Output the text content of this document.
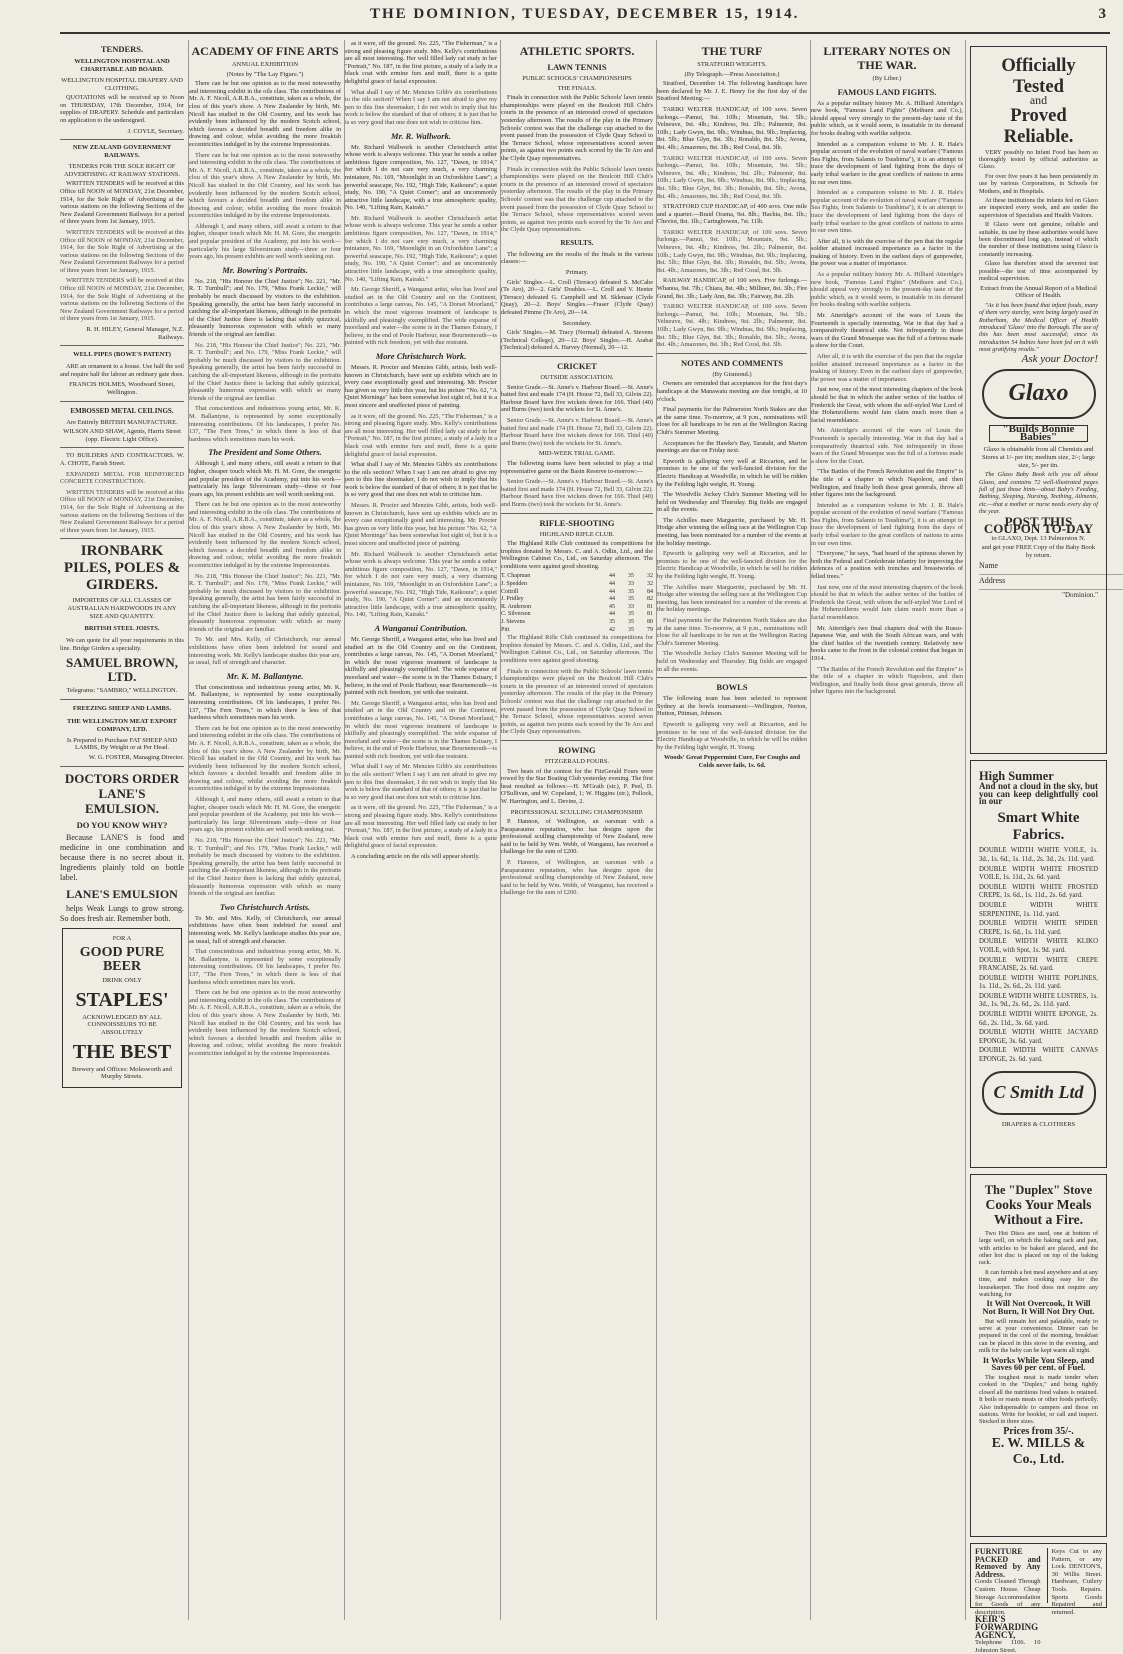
THE DOMINION, TUESDAY, DECEMBER 15, 1914.	3
TENDERS.
WELLINGTON HOSPITAL AND CHARITABLE AID BOARD.
WELLINGTON HOSPITAL DRAPERY AND CLOTHING.

QUOTATIONS will be received up to Noon on THURSDAY, 17th December, 1914, for supplies of DRAPERY. Schedule and particulars on application to the undersigned.

J. COYLE, Secretary.
NEW ZEALAND GOVERNMENT RAILWAYS.
TENDERS FOR THE SOLE RIGHT OF ADVERTISING AT RAILWAY STATIONS.

WRITTEN TENDERS will be received at this Office till NOON of MONDAY, 21st December, 1914, for the Sole Right of Advertising at the various stations on the following Sections of the New Zealand Government Railways for a period of three years from 1st January, 1915.

WRITTEN TENDERS will be received at this Office till NOON of MONDAY, 21st December, 1914, for the Sole Right of Advertising at the various stations on the following Sections of the New Zealand Government Railways for a period of three years from 1st January, 1915.

WRITTEN TENDERS will be received at this Office till NOON of MONDAY, 21st December, 1914, for the Sole Right of Advertising at the various stations on the following Sections of the New Zealand Government Railways for a period of three years from 1st January, 1915.

R. H. HILEY, General Manager, N.Z. Railways.
WELL PIPES (BOWE'S PATENT)

ARE an ornament to a house. Use half the soil and require half the labour an ordinary gate does.

FRANCIS HOLMES, Woodward Street, Wellington.
EMBOSSED METAL CEILINGS.
Are Entirely BRITISH MANUFACTURE.
WILSON AND SHAW, Agents, Harris Street (opp. Electric Light Office).

TO BUILDERS AND CONTRACTORS. W. A. CHOTE, Farish Street.

EXPANDED METAL FOR REINFORCED CONCRETE CONSTRUCTION.

WRITTEN TENDERS will be received at this Office till NOON of MONDAY, 21st December, 1914, for the Sole Right of Advertising at the various stations on the following Sections of the New Zealand Government Railways for a period of three years from 1st January, 1915.

IRONBARK PILES, POLES & GIRDERS.
IMPORTERS OF ALL CLASSES OF AUSTRALIAN HARDWOODS IN ANY SIZE AND QUANTITY.
BRITISH STEEL JOISTS.

We can quote for all your requirements in this line. Bridge Girders a speciality.

SAMUEL BROWN, LTD.
Telegrams: "SAMBRO," WELLINGTON.
FREEZING SHEEP AND LAMBS.
THE WELLINGTON MEAT EXPORT COMPANY, LTD.
Is Prepared to Purchase FAT SHEEP AND LAMBS, By Weight or at Per Head.
W. G. FOSTER, Managing Director.
DOCTORS ORDER LANE'S EMULSION.
DO YOU KNOW WHY?

Because LANE'S is food and medicine in one combination and because there is no secret about it. Ingredients plainly told on bottle label.

LANE'S EMULSION

helps Weak Lungs to grow strong. So does fresh air. Remember both.

FOR A
GOOD PURE BEER
DRINK ONLY
STAPLES'
ACKNOWLEDGED BY ALL CONNOISSEURS TO BE ABSOLUTELY
THE BEST
Brewery and Offices: Molesworth and Murphy Streets.
ACADEMY OF FINE ARTS
ANNUAL EXHIBITION
(Notes by "The Lay Figure.")

There can be but one opinion as to the most noteworthy and interesting exhibit in the oils class. The contributions of Mr. A. F. Nicoll, A.R.B.A., constitute, taken as a whole, the clou of this year's show. A New Zealander by birth, Mr. Nicoll has studied in the Old Country, and his work has evidently been influenced by the modern Scotch school, which favours a decided breadth and freedom alike in drawing and colour, whilst avoiding the more freakish eccentricities indulged in by the extreme Impressionists.

There can be but one opinion as to the most noteworthy and interesting exhibit in the oils class. The contributions of Mr. A. F. Nicoll, A.R.B.A., constitute, taken as a whole, the clou of this year's show. A New Zealander by birth, Mr. Nicoll has studied in the Old Country, and his work has evidently been influenced by the modern Scotch school, which favours a decided breadth and freedom alike in drawing and colour, whilst avoiding the more freakish eccentricities indulged in by the extreme Impressionists.

Although I, and many others, still await a return to that higher, cheaper touch which Mr. H. M. Gore, the energetic and popular president of the Academy, put into his work—particularly his large Silverstream study—three or four years ago, his present exhibits are well worth seeking out.

Mr. Bowring's Portraits.

No. 218, "His Honour the Chief Justice"; No. 221, "Mr. R. T. Turnbull"; and No. 179, "Miss Frank Leckie," will probably be much discussed by visitors to the exhibition. Speaking generally, the artist has been fairly successful in catching the all-important likeness, although in the portraits of the Chief Justice there is lacking that subtly quizzical, pleasantly humorous expression with which so many friends of the original are familiar.

No. 218, "His Honour the Chief Justice"; No. 221, "Mr. R. T. Turnbull"; and No. 179, "Miss Frank Leckie," will probably be much discussed by visitors to the exhibition. Speaking generally, the artist has been fairly successful in catching the all-important likeness, although in the portraits of the Chief Justice there is lacking that subtly quizzical, pleasantly humorous expression with which so many friends of the original are familiar.

That conscientious and industrious young artist, Mr. K. M. Ballantyne, is represented by some exceptionally interesting contributions. Of his landscapes, I prefer No. 137, "The Fern Trees," in which there is less of that hardness which sometimes mars his work.

The President and Some Others.

Although I, and many others, still await a return to that higher, cheaper touch which Mr. H. M. Gore, the energetic and popular president of the Academy, put into his work—particularly his large Silverstream study—three or four years ago, his present exhibits are well worth seeking out.

There can be but one opinion as to the most noteworthy and interesting exhibit in the oils class. The contributions of Mr. A. F. Nicoll, A.R.B.A., constitute, taken as a whole, the clou of this year's show. A New Zealander by birth, Mr. Nicoll has studied in the Old Country, and his work has evidently been influenced by the modern Scotch school, which favours a decided breadth and freedom alike in drawing and colour, whilst avoiding the more freakish eccentricities indulged in by the extreme Impressionists.

No. 218, "His Honour the Chief Justice"; No. 221, "Mr. R. T. Turnbull"; and No. 179, "Miss Frank Leckie," will probably be much discussed by visitors to the exhibition. Speaking generally, the artist has been fairly successful in catching the all-important likeness, although in the portraits of the Chief Justice there is lacking that subtly quizzical, pleasantly humorous expression with which so many friends of the original are familiar.

To Mr. and Mrs. Kelly, of Christchurch, our annual exhibitions have often been indebted for sound and interesting work. Mr. Kelly's landscape studies this year are, as usual, full of strength and character.

Mr. K. M. Ballantyne.

That conscientious and industrious young artist, Mr. K. M. Ballantyne, is represented by some exceptionally interesting contributions. Of his landscapes, I prefer No. 137, "The Fern Trees," in which there is less of that hardness which sometimes mars his work.

There can be but one opinion as to the most noteworthy and interesting exhibit in the oils class. The contributions of Mr. A. F. Nicoll, A.R.B.A., constitute, taken as a whole, the clou of this year's show. A New Zealander by birth, Mr. Nicoll has studied in the Old Country, and his work has evidently been influenced by the modern Scotch school, which favours a decided breadth and freedom alike in drawing and colour, whilst avoiding the more freakish eccentricities indulged in by the extreme Impressionists.

Although I, and many others, still await a return to that higher, cheaper touch which Mr. H. M. Gore, the energetic and popular president of the Academy, put into his work—particularly his large Silverstream study—three or four years ago, his present exhibits are well worth seeking out.

No. 218, "His Honour the Chief Justice"; No. 221, "Mr. R. T. Turnbull"; and No. 179, "Miss Frank Leckie," will probably be much discussed by visitors to the exhibition. Speaking generally, the artist has been fairly successful in catching the all-important likeness, although in the portraits of the Chief Justice there is lacking that subtly quizzical, pleasantly humorous expression with which so many friends of the original are familiar.

Two Christchurch Artists.

To Mr. and Mrs. Kelly, of Christchurch, our annual exhibitions have often been indebted for sound and interesting work. Mr. Kelly's landscape studies this year are, as usual, full of strength and character.

That conscientious and industrious young artist, Mr. K. M. Ballantyne, is represented by some exceptionally interesting contributions. Of his landscapes, I prefer No. 137, "The Fern Trees," in which there is less of that hardness which sometimes mars his work.

There can be but one opinion as to the most noteworthy and interesting exhibit in the oils class. The contributions of Mr. A. F. Nicoll, A.R.B.A., constitute, taken as a whole, the clou of this year's show. A New Zealander by birth, Mr. Nicoll has studied in the Old Country, and his work has evidently been influenced by the modern Scotch school, which favours a decided breadth and freedom alike in drawing and colour, whilst avoiding the more freakish eccentricities indulged in by the extreme Impressionists.

as it were, off the ground. No. 225, "The Fisherman," is a strong and pleasing figure study. Mrs. Kelly's contributions are all most interesting. Her well filled lady cat study in her "Portrait," No. 187, in the first picture, a study of a lady in a black coat with ermine furs and muff, there is a quite delightful grace of facial expression.

What shall I say of Mr. Menzies Gibb's six contributions to the oils section? When I say I am not afraid to give my pen to this fine shoemaker, I do not wish to imply that his work is below the standard of that of others; it is just that he is so very good that one does not wish to criticise him.

Mr. R. Wallwork.

Mr. Richard Wallwork is another Christchurch artist whose work is always welcome. This year he sends a rather ambitious figure composition, No. 127, "Dawn, in 1914," for which I do not care very much, a very charming miniature, No. 169, "Moonlight in an Oxfordshire Lane"; a powerful seascape, No. 192, "High Tide, Kaikoura"; a quiet study, No. 190, "A Quiet Corner"; and an uncommonly attractive little landscape, with a true atmospheric quality, No. 140, "Lifting Rain, Kairaki."

Mr. Richard Wallwork is another Christchurch artist whose work is always welcome. This year he sends a rather ambitious figure composition, No. 127, "Dawn, in 1914," for which I do not care very much, a very charming miniature, No. 169, "Moonlight in an Oxfordshire Lane"; a powerful seascape, No. 192, "High Tide, Kaikoura"; a quiet study, No. 190, "A Quiet Corner"; and an uncommonly attractive little landscape, with a true atmospheric quality, No. 140, "Lifting Rain, Kairaki."

Mr. George Sheriff, a Wanganui artist, who has lived and studied art in the Old Country and on the Continent, contributes a large canvas, No. 145, "A Dorset Moorland," in which the most vigorous treatment of landscape is skilfully and pleasingly exemplified. The wide expanse of moorland and water—the scene is in the Thames Estuary, I believe, in the end of Poole Harbour, near Bournemouth—is painted with rich freedom, yet with due restraint.

More Christchurch Work.

Messrs. R. Procter and Menzies Gibb, artists, both well-known in Christchurch, have sent up exhibits which are in every case exceptionally good and interesting. Mr. Procter has given us very little this year, but his picture "No. 62, "A Quiet Mornings" has been somewhat lost sight of, but it is a most sincere and unaffected piece of painting.

as it were, off the ground. No. 225, "The Fisherman," is a strong and pleasing figure study. Mrs. Kelly's contributions are all most interesting. Her well filled lady cat study in her "Portrait," No. 187, in the first picture, a study of a lady in a black coat with ermine furs and muff, there is a quite delightful grace of facial expression.

What shall I say of Mr. Menzies Gibb's six contributions to the oils section? When I say I am not afraid to give my pen to this fine shoemaker, I do not wish to imply that his work is below the standard of that of others; it is just that he is so very good that one does not wish to criticise him.

Messrs. R. Procter and Menzies Gibb, artists, both well-known in Christchurch, have sent up exhibits which are in every case exceptionally good and interesting. Mr. Procter has given us very little this year, but his picture "No. 62, "A Quiet Mornings" has been somewhat lost sight of, but it is a most sincere and unaffected piece of painting.

Mr. Richard Wallwork is another Christchurch artist whose work is always welcome. This year he sends a rather ambitious figure composition, No. 127, "Dawn, in 1914," for which I do not care very much, a very charming miniature, No. 169, "Moonlight in an Oxfordshire Lane"; a powerful seascape, No. 192, "High Tide, Kaikoura"; a quiet study, No. 190, "A Quiet Corner"; and an uncommonly attractive little landscape, with a true atmospheric quality, No. 140, "Lifting Rain, Kairaki."

A Wanganui Contribution.

Mr. George Sheriff, a Wanganui artist, who has lived and studied art in the Old Country and on the Continent, contributes a large canvas, No. 145, "A Dorset Moorland," in which the most vigorous treatment of landscape is skilfully and pleasingly exemplified. The wide expanse of moorland and water—the scene is in the Thames Estuary, I believe, in the end of Poole Harbour, near Bournemouth—is painted with rich freedom, yet with due restraint.

Mr. George Sheriff, a Wanganui artist, who has lived and studied art in the Old Country and on the Continent, contributes a large canvas, No. 145, "A Dorset Moorland," in which the most vigorous treatment of landscape is skilfully and pleasingly exemplified. The wide expanse of moorland and water—the scene is in the Thames Estuary, I believe, in the end of Poole Harbour, near Bournemouth—is painted with rich freedom, yet with due restraint.

What shall I say of Mr. Menzies Gibb's six contributions to the oils section? When I say I am not afraid to give my pen to this fine shoemaker, I do not wish to imply that his work is below the standard of that of others; it is just that he is so very good that one does not wish to criticise him.

as it were, off the ground. No. 225, "The Fisherman," is a strong and pleasing figure study. Mrs. Kelly's contributions are all most interesting. Her well filled lady cat study in her "Portrait," No. 187, in the first picture, a study of a lady in a black coat with ermine furs and muff, there is a quite delightful grace of facial expression.

A concluding article on the oils will appear shortly.

ATHLETIC SPORTS.
LAWN TENNIS
PUBLIC SCHOOLS' CHAMPIONSHIPS
THE FINALS.

Finals in connection with the Public Schools' lawn tennis championships were played on the Boulcott Hill Club's courts in the presence of an interested crowd of spectators yesterday afternoon. The results of the play in the Primary Schools' contest was that the challenge cup attached to the event passed from the possession of Clyde Quay School to the Terrace School, whose representatives scored seven points, as against two points each scored by the Te Aro and the Clyde Quay representatives.

Finals in connection with the Public Schools' lawn tennis championships were played on the Boulcott Hill Club's courts in the presence of an interested crowd of spectators yesterday afternoon. The results of the play in the Primary Schools' contest was that the challenge cup attached to the event passed from the possession of Clyde Quay School to the Terrace School, whose representatives scored seven points, as against two points each scored by the Te Aro and the Clyde Quay representatives.

RESULTS.

The following are the results of the finals in the various classes:—

Primary.

Girls' Singles.—L. Croll (Terrace) defeated S. McCabe (Te Aro), 20—2. Girls' Doubles.—L. Croll and V. Heeter (Terrace) defeated G. Campbell and M. Sklenaar (Clyde Quay), 20—2. Boys' Singles.—Fraser (Clyde Quay) defeated Pimme (Te Aro), 20—14.

Secondary.

Girls' Singles.—M. Tracy (Normal) defeated A. Stevens (Technical College), 20—12. Boys' Singles.—H. Arabat (Technical) defeated A. Harvey (Normal), 20—12.

CRICKET
OUTSIDE ASSOCIATION.

Senior Grade.—St. Anne's v. Harbour Board.—St. Anne's batted first and made 174 (H. House 72, Bell 33, Gilvin 22). Harbour Board have five wickets down for 166. Thiel (40) and Burns (two) took the wickets for St. Anne's.

Senior Grade.—St. Anne's v. Harbour Board.—St. Anne's batted first and made 174 (H. House 72, Bell 33, Gilvin 22). Harbour Board have five wickets down for 166. Thiel (40) and Burns (two) took the wickets for St. Anne's.

MID-WEEK TRIAL GAME.

The following teams have been selected to play a trial representative game on the Basin Reserve to-morrow:—

Senior Grade.—St. Anne's v. Harbour Board.—St. Anne's batted first and made 174 (H. House 72, Bell 33, Gilvin 22). Harbour Board have five wickets down for 166. Thiel (40) and Burns (two) took the wickets for St. Anne's.

RIFLE-SHOOTING
HIGHLAND RIFLE CLUB.

The Highland Rifle Club continued its competitions for trophies donated by Messrs. C. and A. Odlin, Ltd., and the Wellington Cabinet Co., Ltd., on Saturday afternoon. The conditions were against good shooting.

T. Chapman	44	35	32
J. Spedden	44	33	32
Cottrill	44	35	84
J. Pridley	44	35	82
R. Anderson	45	33	81
C. Silverson	44	35	81
J. Stevens	35	35	80
Pitt	42	35	79

The Highland Rifle Club continued its competitions for trophies donated by Messrs. C. and A. Odlin, Ltd., and the Wellington Cabinet Co., Ltd., on Saturday afternoon. The conditions were against good shooting.

Finals in connection with the Public Schools' lawn tennis championships were played on the Boulcott Hill Club's courts in the presence of an interested crowd of spectators yesterday afternoon. The results of the play in the Primary Schools' contest was that the challenge cup attached to the event passed from the possession of Clyde Quay School to the Terrace School, whose representatives scored seven points, as against two points each scored by the Te Aro and the Clyde Quay representatives.

ROWING
FITZGERALD FOURS.

Two heats of the contest for the FitzGerald Fours were rowed by the Star Boating Club yesterday evening. The first heat resulted as follows:—H. M'Grath (str.), P. Peel, D. O'Sullivan, and W. Copeland, 1; W. Higgins (str.), Pollock, W. Harrington, and L. Devine, 2.

PROFESSIONAL SCULLING CHAMPIONSHIP.

P. Hannon, of Wellington, an oarsman with a Paraparaumu reputation, who has designs upon the professional sculling championship of New Zealand, now said to be held by Wm. Webb, of Wanganui, has received a challenge for the sum of £200.

P. Hannon, of Wellington, an oarsman with a Paraparaumu reputation, who has designs upon the professional sculling championship of New Zealand, now said to be held by Wm. Webb, of Wanganui, has received a challenge for the sum of £200.

THE TURF
STRATFORD WEIGHTS.
(By Telegraph.—Press Association.)

Stratford, December 14. The following handicaps have been declared by Mr. J. E. Henry for the first day of the Stratford Meeting:—

TARIKI WELTER HANDICAP, of 100 sovs. Seven furlongs.—Pamui, 9st. 10lb.; Mountain, 9st. 5lb.; Velneuve, 9st. 4lb.; Kindress, 9st. 2lb.; Palmemir, 8st. 10lb.; Lady Gwyn, 8st. 9lb.; Windnas, 8st. 9lb.; Implacing, 8st. 5lb.; Blue Glyn, 8st. 3lb.; Ronaldo, 8st. 5lb.; Avona, 8st. 4lb.; Amazones, 8st. 3lb.; Red Coral, 8st. 3lb.

TARIKI WELTER HANDICAP, of 100 sovs. Seven furlongs.—Pamui, 9st. 10lb.; Mountain, 9st. 5lb.; Velneuve, 9st. 4lb.; Kindress, 9st. 2lb.; Palmemir, 8st. 10lb.; Lady Gwyn, 8st. 9lb.; Windnas, 8st. 9lb.; Implacing, 8st. 5lb.; Blue Glyn, 8st. 3lb.; Ronaldo, 8st. 5lb.; Avona, 8st. 4lb.; Amazones, 8st. 3lb.; Red Coral, 8st. 3lb.

STRATFORD CUP HANDICAP, of 400 sovs. One mile and a quarter.—Braid Orama, 9st. 8lb.; Hachia, 8st. 1lb.; Cheviot, 8st. 1lb.; Caringbowen, 7st. 11lb.

TARIKI WELTER HANDICAP, of 100 sovs. Seven furlongs.—Pamui, 9st. 10lb.; Mountain, 9st. 5lb.; Velneuve, 9st. 4lb.; Kindress, 9st. 2lb.; Palmemir, 8st. 10lb.; Lady Gwyn, 8st. 9lb.; Windnas, 8st. 9lb.; Implacing, 8st. 5lb.; Blue Glyn, 8st. 3lb.; Ronaldo, 8st. 5lb.; Avona, 8st. 4lb.; Amazones, 8st. 3lb.; Red Coral, 8st. 3lb.

RAILWAY HANDICAP, of 100 sovs. Five furlongs.—Whanoa, 9st. 7lb.; Chiara, 8st. 4lb.; Milliner, 8st. 3lb.; Fire Grand, 8st. 3lb.; Lady Ann, 8st. 3lb.; Fairway, 8st. 2lb.

TARIKI WELTER HANDICAP, of 100 sovs. Seven furlongs.—Pamui, 9st. 10lb.; Mountain, 9st. 5lb.; Velneuve, 9st. 4lb.; Kindress, 9st. 2lb.; Palmemir, 8st. 10lb.; Lady Gwyn, 8st. 9lb.; Windnas, 8st. 9lb.; Implacing, 8st. 5lb.; Blue Glyn, 8st. 3lb.; Ronaldo, 8st. 5lb.; Avona, 8st. 4lb.; Amazones, 8st. 3lb.; Red Coral, 8st. 3lb.

NOTES AND COMMENTS
(By Gismond.)

Owners are reminded that acceptances for the first day's handicaps at the Manawatu meeting are due tonight, at 10 o'clock.

Final payments for the Palmerston North Stakes are due at the same time. To-morrow, at 9 p.m., nominations will close for all handicaps to be run at the Wellington Racing Club's Summer Meeting.

Acceptances for the Hawke's Bay, Taratahi, and Marton meetings are due on Friday next.

Epworth is galloping very well at Riccarton, and he promises to be one of the well-fancied division for the Electric Handicap at Woodville, in which he will be ridden by the Feilding light weight, H. Young.

The Woodville Jockey Club's Summer Meeting will be held on Wednesday and Thursday. Big fields are engaged in all the events.

The Achilles mare Marguerite, purchased by Mr. H. Hodge after winning the selling race at the Wellington Cup meeting, has been nominated for a number of the events at the holiday meetings.

Epworth is galloping very well at Riccarton, and he promises to be one of the well-fancied division for the Electric Handicap at Woodville, in which he will be ridden by the Feilding light weight, H. Young.

The Achilles mare Marguerite, purchased by Mr. H. Hodge after winning the selling race at the Wellington Cup meeting, has been nominated for a number of the events at the holiday meetings.

Final payments for the Palmerston North Stakes are due at the same time. To-morrow, at 9 p.m., nominations will close for all handicaps to be run at the Wellington Racing Club's Summer Meeting.

The Woodville Jockey Club's Summer Meeting will be held on Wednesday and Thursday. Big fields are engaged in all the events.

BOWLS

The following team has been selected to represent Sydney at the bowls tournament:—Wellington, Norton, Hutton, Pittman, Johnson.

Epworth is galloping very well at Riccarton, and he promises to be one of the well-fancied division for the Electric Handicap at Woodville, in which he will be ridden by the Feilding light weight, H. Young.

Woods' Great Peppermint Cure, For Coughs and Colds never fails, 1s. 6d.
Officially Tested
and
Proved Reliable.

VERY possibly no Infant Food has been so thoroughly tested by official authorities as Glaxo.

For over five years it has been persistently in use by various Corporations, in Schools for Mothers, and in Hospitals.

At these institutions the infants fed on Glaxo are inspected every week, and are under the supervision of Specialists and Health Visitors.

If Glaxo were not genuine, reliable and suitable, its use by these authorities would have been discontinued long ago, instead of which the number of these institutions using Glaxo is constantly increasing.

Glaxo has therefore stood the severest test possible—the test of time accompanied by medical supervision.

Extract from the Annual Report of a Medical Officer of Health.

"As it has been found that infant foods, many of them very starchy, were being largely used in Rotherham, the Medical Officer of Health introduced 'Glaxo' into the Borough. The use of this has been most successful; since its introduction 54 babies have been fed on it with most gratifying results."

Ask your Doctor!
Glaxo
"Builds Bonnie Babies"
Glaxo is obtainable from all Chemists and Stores at 1/- per tin; medium size, 2/-; large size, 5/- per tin.

The Glaxo Baby Book tells you all about Glaxo, and contains 72 well-illustrated pages full of just those hints—about Baby's Feeding, Bathing, Sleeping, Nursing, Teething, Ailments, etc.—that a mother or nurse needs every day of the year.

POST THIS COUPON TO-DAY
to GLAXO, Dept. 13 Palmerston N.
and get your FREE Copy of the Baby Book by return.
Name ........................................................................
Address ........................................................................
"Dominion."
High Summer
And not a cloud in the sky, but you can keep delightfully cool in our
Smart White Fabrics.
DOUBLE WIDTH WHITE VOILE, 1s. 3d., 1s. 6d., 1s. 11d., 2s. 3d., 2s. 11d. yard.
DOUBLE WIDTH WHITE FROSTED VOILE, 1s. 11d., 2s. 6d. yard.
DOUBLE WIDTH WHITE FROSTED CREPE, 1s. 6d., 1s. 11d., 2s. 6d. yard.
DOUBLE WIDTH WHITE SERPENTINE, 1s. 11d. yard.
DOUBLE WIDTH WHITE SPIDER CREPE, 1s. 6d., 1s. 11d. yard.
DOUBLE WIDTH WHITE KLIKO VOILE, with Spot, 1s. 9d. yard.
DOUBLE WIDTH WHITE CREPE FRANCAISE, 2s. 6d. yard.
DOUBLE WIDTH WHITE POPLINES, 1s. 11d., 2s. 6d., 2s. 11d. yard.
DOUBLE WIDTH WHITE LUSTRES, 1s. 3d., 1s. 9d., 2s. 6d., 2s. 11d. yard.
DOUBLE WIDTH WHITE EPONGE, 2s. 6d., 2s. 11d., 3s. 6d. yard.
DOUBLE WIDTH WHITE JACYARD EPONGE, 3s. 6d. yard.
DOUBLE WIDTH WHITE CANVAS EPONGE, 2s. 6d. yard.
C Smith Ltd
DRAPERS & CLOTHIERS
The "Duplex" Stove
Cooks Your Meals
Without a Fire.

Two Hot Discs are used, one at bottom of large well, on which the baking rack and pan, with articles to be baked are placed, and the other hot disc is placed on top of the baking rack.

It can furnish a hot meal anywhere and at any time, and makes cooking easy for the housekeeper. The food does not require any watching, for

It Will Not Overcook, It Will Not Burn, It Will Not Dry Out.

But will remain hot and palatable, ready to serve at your convenience. Dinner can be prepared in the cool of the morning, breakfast can be placed in this stove in the evening, and milk for the baby can be kept warm all night.

It Works While You Sleep, and Saves 60 per cent. of Fuel.

The toughest meat is made tender when cooked in the "Duplex," and being tightly closed all the nutritious food values is retained. It boils or roasts meats or other foods perfectly. Also indispensable to campers and those on stations. Write for booklet, or call and inspect. Stocked in three sizes.

Prices from 35/-.
E. W. MILLS & Co., Ltd.
FURNITURE PACKED and Removed by Any Address.
Goods Cleaned Through Custom House. Cheap Storage Accommodation for Goods of any description.
KEIR'S FORWARDING AGENCY,
Telephone 1106. 10 Johnston Street.
Keys Cut to any Pattern, or any Lock. DENTON'S, 30 Willis Street. Hardware, Cutlery Tools. Repairs. Sports Goods Repaired and returned.
LITERARY NOTES ON THE WAR.
(By Liber.)
FAMOUS LAND FIGHTS.

As a popular military history Mr. A. Hilliard Atteridge's new book, "Famous Land Fights" (Methuen and Co.), should appeal very strongly to the present-day taste of the public which, as it would seem, is insatiable in its demand for books dealing with warlike subjects.

Intended as a companion volume to Mr. J. R. Hale's popular account of the evolution of naval warfare ("Famous Sea Fights, from Salamis to Tsushima"), it is an attempt to trace the development of land fighting from the days of early tribal warfare to the great conflicts of nations in arms in our own time.

Intended as a companion volume to Mr. J. R. Hale's popular account of the evolution of naval warfare ("Famous Sea Fights, from Salamis to Tsushima"), it is an attempt to trace the development of land fighting from the days of early tribal warfare to the great conflicts of nations in arms in our own time.

After all, it is with the exercise of the pen that the regular soldier attained increased importance as a factor in the making of history. Even in the earliest days of gunpowder, the power was a matter of importance.

As a popular military history Mr. A. Hilliard Atteridge's new book, "Famous Land Fights" (Methuen and Co.), should appeal very strongly to the present-day taste of the public which, as it would seem, is insatiable in its demand for books dealing with warlike subjects.

Mr. Atteridge's account of the wars of Louis the Fourteenth is specially interesting. War in that day had a comparatively theatrical side. Not infrequently in those wars of the Grand Monarque was the full of a fortress made a show for the Court.

After all, it is with the exercise of the pen that the regular soldier attained increased importance as a factor in the making of history. Even in the earliest days of gunpowder, the power was a matter of importance.

Just now, one of the most interesting chapters of the book should be that in which the author writes of the battles of Frederick the Great, with whom the self-styled War Lord of the Hohenzollerns would fain claim much more than a facial resemblance.

Mr. Atteridge's account of the wars of Louis the Fourteenth is specially interesting. War in that day had a comparatively theatrical side. Not infrequently in those wars of the Grand Monarque was the full of a fortress made a show for the Court.

"The Battles of the French Revolution and the Empire" is the title of a chapter in which Napoleon, and then Wellington, and finally both these great generals, throw all other figures into the background.

Intended as a companion volume to Mr. J. R. Hale's popular account of the evolution of naval warfare ("Famous Sea Fights, from Salamis to Tsushima"), it is an attempt to trace the development of land fighting from the days of early tribal warfare to the great conflicts of nations in arms in our own time.

"Everyone," he says, "had heard of the spinous shown by both the Federal and Confederate infantry for improving the defences of a position with trenches and breastworks of felled trees."

Just now, one of the most interesting chapters of the book should be that in which the author writes of the battles of Frederick the Great, with whom the self-styled War Lord of the Hohenzollerns would fain claim much more than a facial resemblance.

Mr. Atteridge's two final chapters deal with the Russo-Japanese War, and with the South African wars, and with the chief battles of the twentieth century. Relatively new books came to the front in the colonial contest that began in 1914.

"The Battles of the French Revolution and the Empire" is the title of a chapter in which Napoleon, and then Wellington, and finally both these great generals, throw all other figures into the background.
